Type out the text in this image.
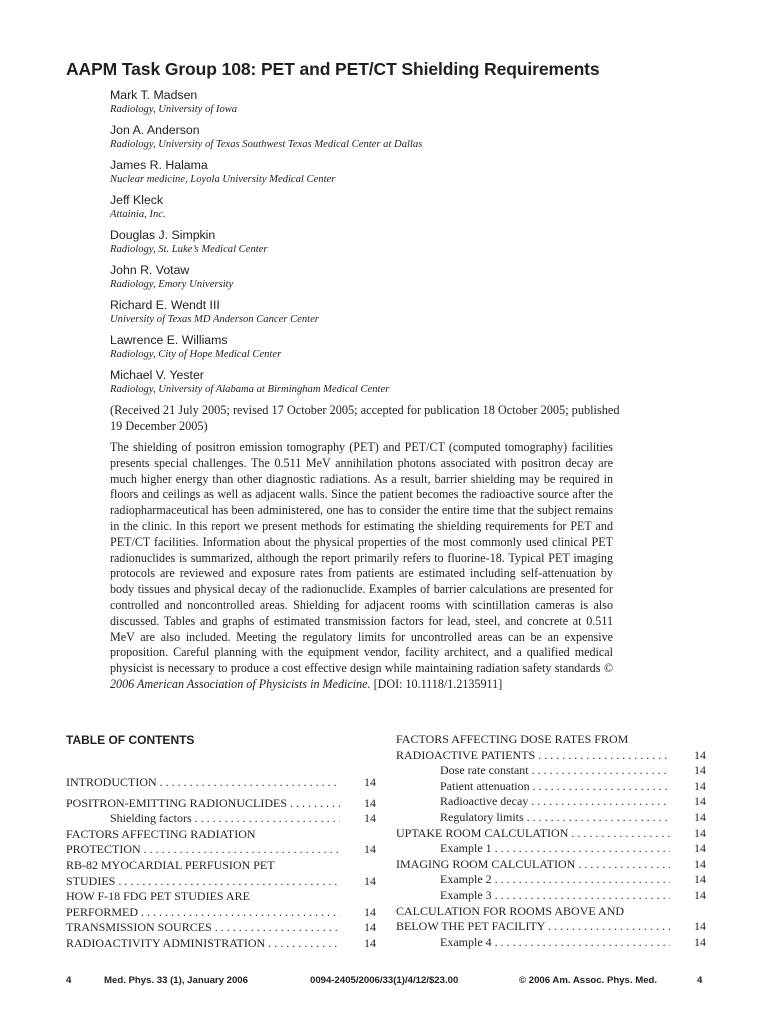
AAPM Task Group 108: PET and PET/CT Shielding Requirements
Mark T. Madsen
Radiology, University of Iowa
Jon A. Anderson
Radiology, University of Texas Southwest Texas Medical Center at Dallas
James R. Halama
Nuclear medicine, Loyola University Medical Center
Jeff Kleck
Attainia, Inc.
Douglas J. Simpkin
Radiology, St. Luke’s Medical Center
John R. Votaw
Radiology, Emory University
Richard E. Wendt III
University of Texas MD Anderson Cancer Center
Lawrence E. Williams
Radiology, City of Hope Medical Center
Michael V. Yester
Radiology, University of Alabama at Birmingham Medical Center
(Received 21 July 2005; revised 17 October 2005; accepted for publication 18 October 2005; published 19 December 2005)
The shielding of positron emission tomography (PET) and PET/CT (computed tomography) facilities presents special challenges. The 0.511 MeV annihilation photons associated with positron decay are much higher energy than other diagnostic radiations. As a result, barrier shielding may be required in floors and ceilings as well as adjacent walls. Since the patient becomes the radioactive source after the radiopharmaceutical has been administered, one has to consider the entire time that the subject remains in the clinic. In this report we present methods for estimating the shielding requirements for PET and PET/CT facilities. Information about the physical properties of the most commonly used clinical PET radionuclides is summarized, although the report primarily refers to fluorine-18. Typical PET imaging protocols are reviewed and exposure rates from patients are estimated including self-attenuation by body tissues and physical decay of the radionuclide. Examples of barrier calculations are presented for controlled and noncontrolled areas. Shielding for adjacent rooms with scintillation cameras is also discussed. Tables and graphs of estimated transmission factors for lead, steel, and concrete at 0.511 MeV are also included. Meeting the regulatory limits for uncontrolled areas can be an expensive proposition. Careful planning with the equipment vendor, facility architect, and a qualified medical physicist is necessary to produce a cost effective design while maintaining radiation safety standards © 2006 American Association of Physicists in Medicine. [DOI: 10.1118/1.2135911]
TABLE OF CONTENTS
INTRODUCTION . . .	14
POSITRON-EMITTING RADIONUCLIDES . . .	14
Shielding factors . . .	14
FACTORS AFFECTING RADIATION
PROTECTION . . .	14
RB-82 MYOCARDIAL PERFUSION PET
STUDIES . . .	14
HOW F-18 FDG PET STUDIES ARE
PERFORMED . . .	14
TRANSMISSION SOURCES . . .	14
RADIOACTIVITY ADMINISTRATION . . .	14
FACTORS AFFECTING DOSE RATES FROM
RADIOACTIVE PATIENTS . . .	14
Dose rate constant . . .	14
Patient attenuation . . .	14
Radioactive decay . . .	14
Regulatory limits . . .	14
UPTAKE ROOM CALCULATION . . .	14
Example 1 . . .	14
IMAGING ROOM CALCULATION . . .	14
Example 2 . . .	14
Example 3 . . .	14
CALCULATION FOR ROOMS ABOVE AND
BELOW THE PET FACILITY . . .	14
Example 4 . . .	14
4	Med. Phys. 33 (1), January 2006	0094-2405/2006/33(1)/4/12/$23.00	© 2006 Am. Assoc. Phys. Med.	4
